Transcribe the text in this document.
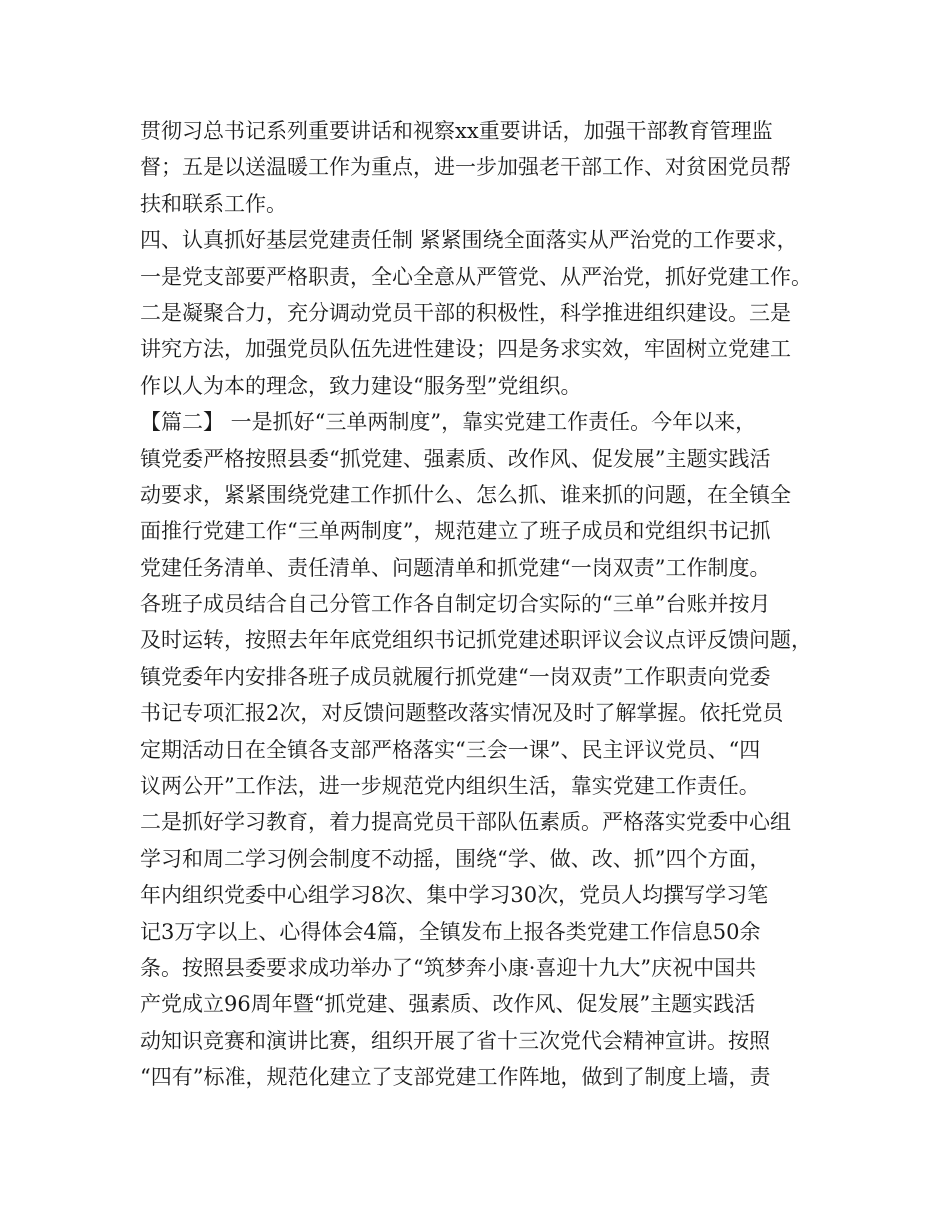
贯彻习总书记系列重要讲话和视察xx重要讲话，加强干部教育管理监
督；五是以送温暖工作为重点，进一步加强老干部工作、对贫困党员帮
扶和联系工作。
四、认真抓好基层党建责任制 紧紧围绕全面落实从严治党的工作要求，
一是党支部要严格职责，全心全意从严管党、从严治党，抓好党建工作。
二是凝聚合力，充分调动党员干部的积极性，科学推进组织建设。三是
讲究方法，加强党员队伍先进性建设；四是务求实效，牢固树立党建工
作以人为本的理念，致力建设“服务型”党组织。
【篇二】 一是抓好“三单两制度”，靠实党建工作责任。今年以来，
镇党委严格按照县委“抓党建、强素质、改作风、促发展”主题实践活
动要求，紧紧围绕党建工作抓什么、怎么抓、谁来抓的问题，在全镇全
面推行党建工作“三单两制度”，规范建立了班子成员和党组织书记抓
党建任务清单、责任清单、问题清单和抓党建“一岗双责”工作制度。
各班子成员结合自己分管工作各自制定切合实际的“三单”台账并按月
及时运转，按照去年年底党组织书记抓党建述职评议会议点评反馈问题，
镇党委年内安排各班子成员就履行抓党建“一岗双责”工作职责向党委
书记专项汇报2次，对反馈问题整改落实情况及时了解掌握。依托党员
定期活动日在全镇各支部严格落实“三会一课”、民主评议党员、“四
议两公开”工作法，进一步规范党内组织生活，靠实党建工作责任。
二是抓好学习教育，着力提高党员干部队伍素质。严格落实党委中心组
学习和周二学习例会制度不动摇，围绕“学、做、改、抓”四个方面，
年内组织党委中心组学习8次、集中学习30次，党员人均撰写学习笔
记3万字以上、心得体会4篇，全镇发布上报各类党建工作信息50余
条。按照县委要求成功举办了“筑梦奔小康·喜迎十九大”庆祝中国共
产党成立96周年暨“抓党建、强素质、改作风、促发展”主题实践活
动知识竞赛和演讲比赛，组织开展了省十三次党代会精神宣讲。按照
“四有”标准，规范化建立了支部党建工作阵地，做到了制度上墙，责
